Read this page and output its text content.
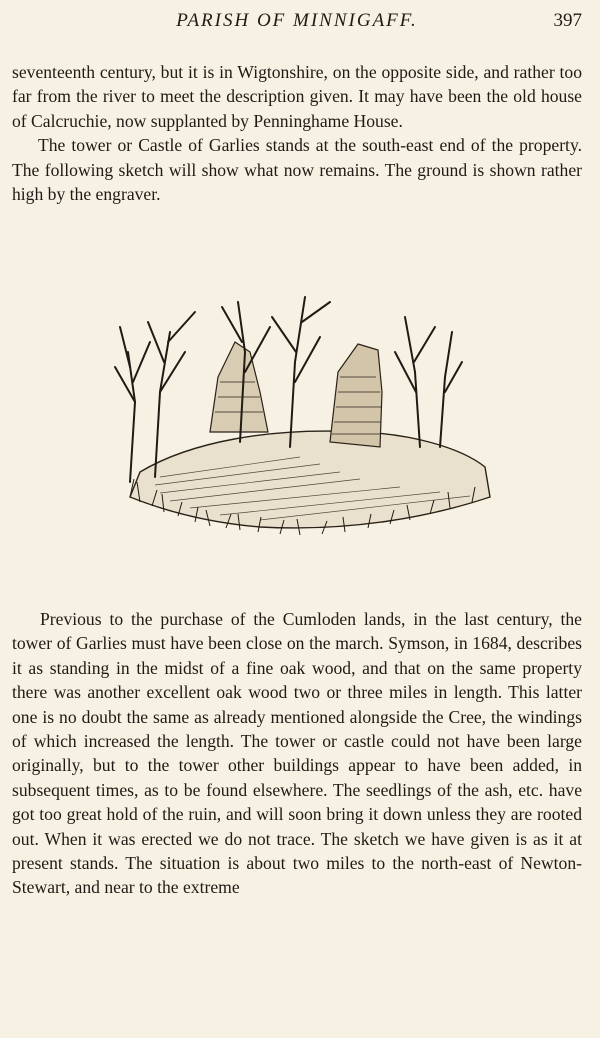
PARISH OF MINNIGAFF.	397

seventeenth century, but it is in Wigtonshire, on the opposite side, and rather too far from the river to meet the description given. It may have been the old house of Calcruchie, now supplanted by Penninghame House.

The tower or Castle of Garlies stands at the south-east end of the property. The following sketch will show what now remains. The ground is shown rather high by the engraver.

Previous to the purchase of the Cumloden lands, in the last century, the tower of Garlies must have been close on the march. Symson, in 1684, describes it as standing in the midst of a fine oak wood, and that on the same property there was another excellent oak wood two or three miles in length. This latter one is no doubt the same as already mentioned alongside the Cree, the windings of which increased the length. The tower or castle could not have been large originally, but to the tower other buildings appear to have been added, in subsequent times, as to be found elsewhere. The seedlings of the ash, etc. have got too great hold of the ruin, and will soon bring it down unless they are rooted out. When it was erected we do not trace. The sketch we have given is as it at present stands. The situation is about two miles to the north-east of Newton-Stewart, and near to the extreme
